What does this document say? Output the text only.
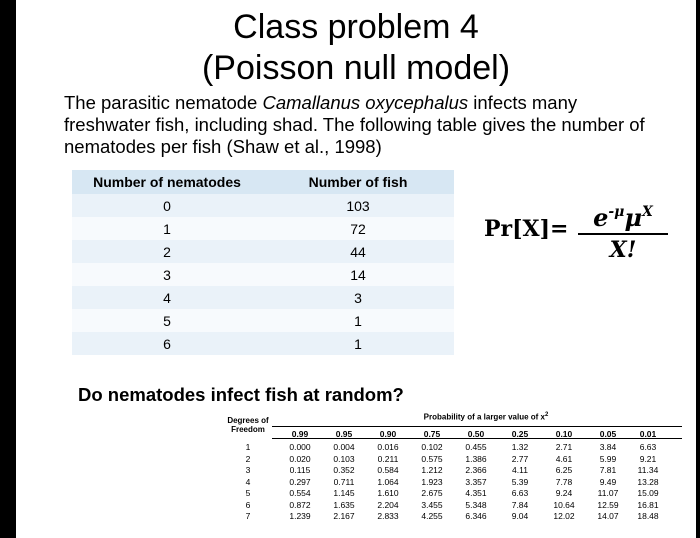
Class problem 4
(Poisson null model)
The parasitic nematode Camallanus oxycephalus infects many freshwater fish, including shad. The following table gives the number of nematodes per fish (Shaw et al., 1998)
Number of nematodes	Number of fish
0	103
1	72
2	44
3	14
4	3
5	1
6	1
Pr[X]=	$e^{-\mu}\mu^X$
X!
Do nematodes infect fish at random?
Degrees of
Freedom
Probability of a larger value of $x^2$
0.99	0.95	0.90	0.75	0.50	0.25	0.10	0.05	0.01
1	0.000	0.004	0.016	0.102	0.455	1.32	2.71	3.84	6.63
2	0.020	0.103	0.211	0.575	1.386	2.77	4.61	5.99	9.21
3	0.115	0.352	0.584	1.212	2.366	4.11	6.25	7.81	11.34
4	0.297	0.711	1.064	1.923	3.357	5.39	7.78	9.49	13.28
5	0.554	1.145	1.610	2.675	4.351	6.63	9.24	11.07	15.09
6	0.872	1.635	2.204	3.455	5.348	7.84	10.64	12.59	16.81
7	1.239	2.167	2.833	4.255	6.346	9.04	12.02	14.07	18.48
